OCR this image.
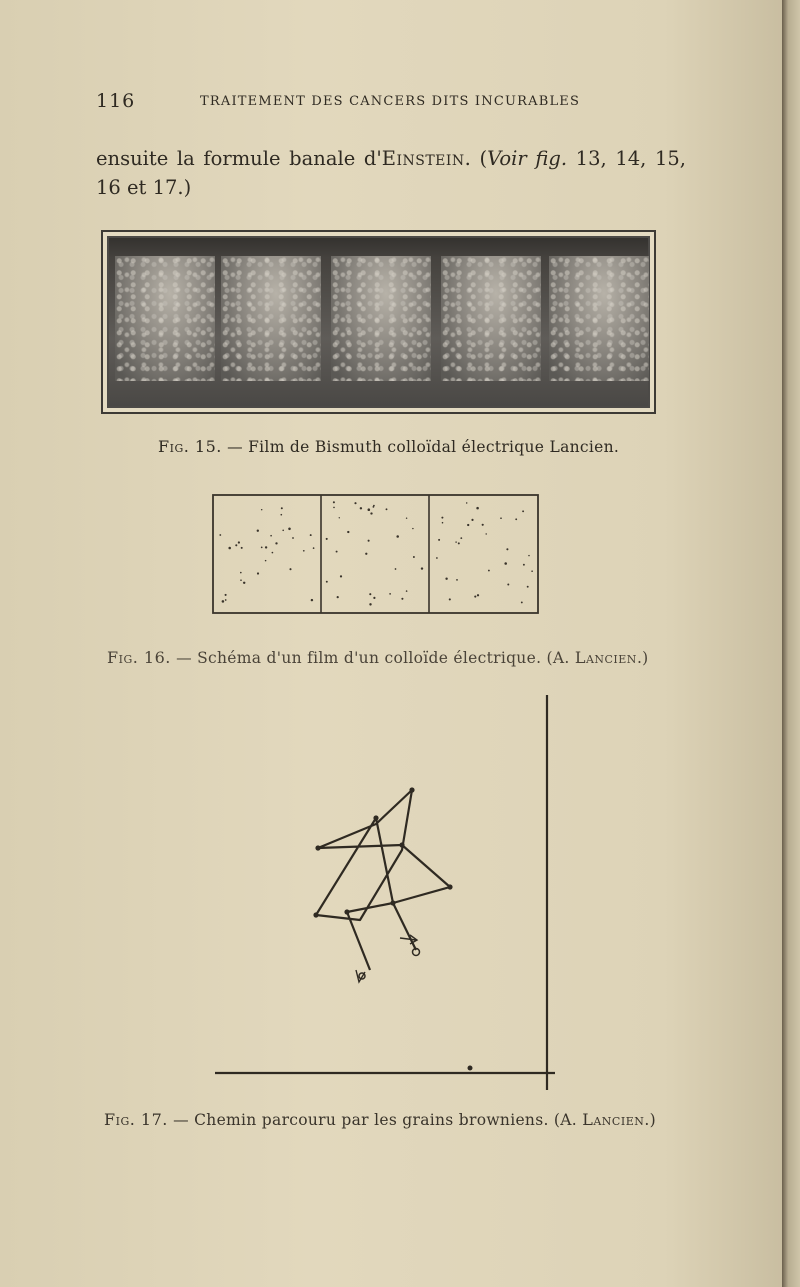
116	TRAITEMENT DES CANCERS DITS INCURABLES
ensuite la formule banale d'Einstein. (Voir fig. 13, 14, 15, 16 et 17.)
Fig. 15. — Film de Bismuth colloïdal électrique Lancien.
Fig. 16. — Schéma d'un film d'un colloïde électrique. (A. Lancien.)
Fig. 17. — Chemin parcouru par les grains browniens. (A. Lancien.)
